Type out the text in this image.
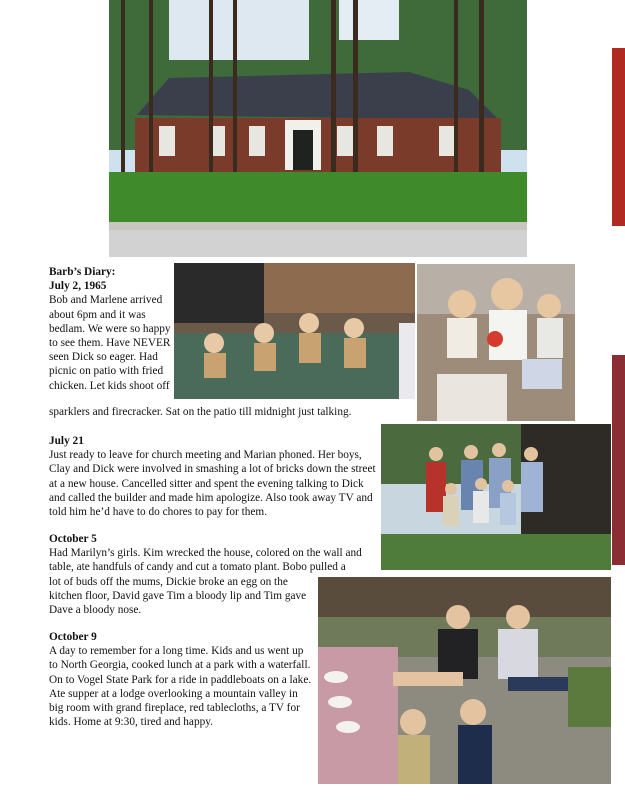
Barb’s Diary:
July 2, 1965
Bob and Marlene arrived about 6pm and it was bedlam. We were so happy to see them. Have NEVER seen Dick so eager. Had picnic on patio with fried chicken. Let kids shoot off
sparklers and firecracker. Sat on the patio till midnight just talking.
July 21
Just ready to leave for church meeting and Marian phoned. Her boys, Clay and Dick were involved in smashing a lot of bricks down the street at a new house. Cancelled sitter and spent the evening talking to Dick and called the builder and made him apologize. Also took away TV and told him he’d have to do chores to pay for them.
October 5
Had Marilyn’s girls. Kim wrecked the house, colored on the wall and table, ate handfuls of candy and cut a tomato plant. Bobo pulled a
lot of buds off the mums, Dickie broke an egg on the kitchen floor, David gave Tim a bloody lip and Tim gave Dave a bloody nose.
October 9
A day to remember for a long time. Kids and us went up to North Georgia, cooked lunch at a park with a waterfall. On to Vogel State Park for a ride in paddleboats on a lake. Ate supper at a lodge overlooking a mountain valley in big room with grand fireplace, red tablecloths, a TV for kids. Home at 9:30, tired and happy.
